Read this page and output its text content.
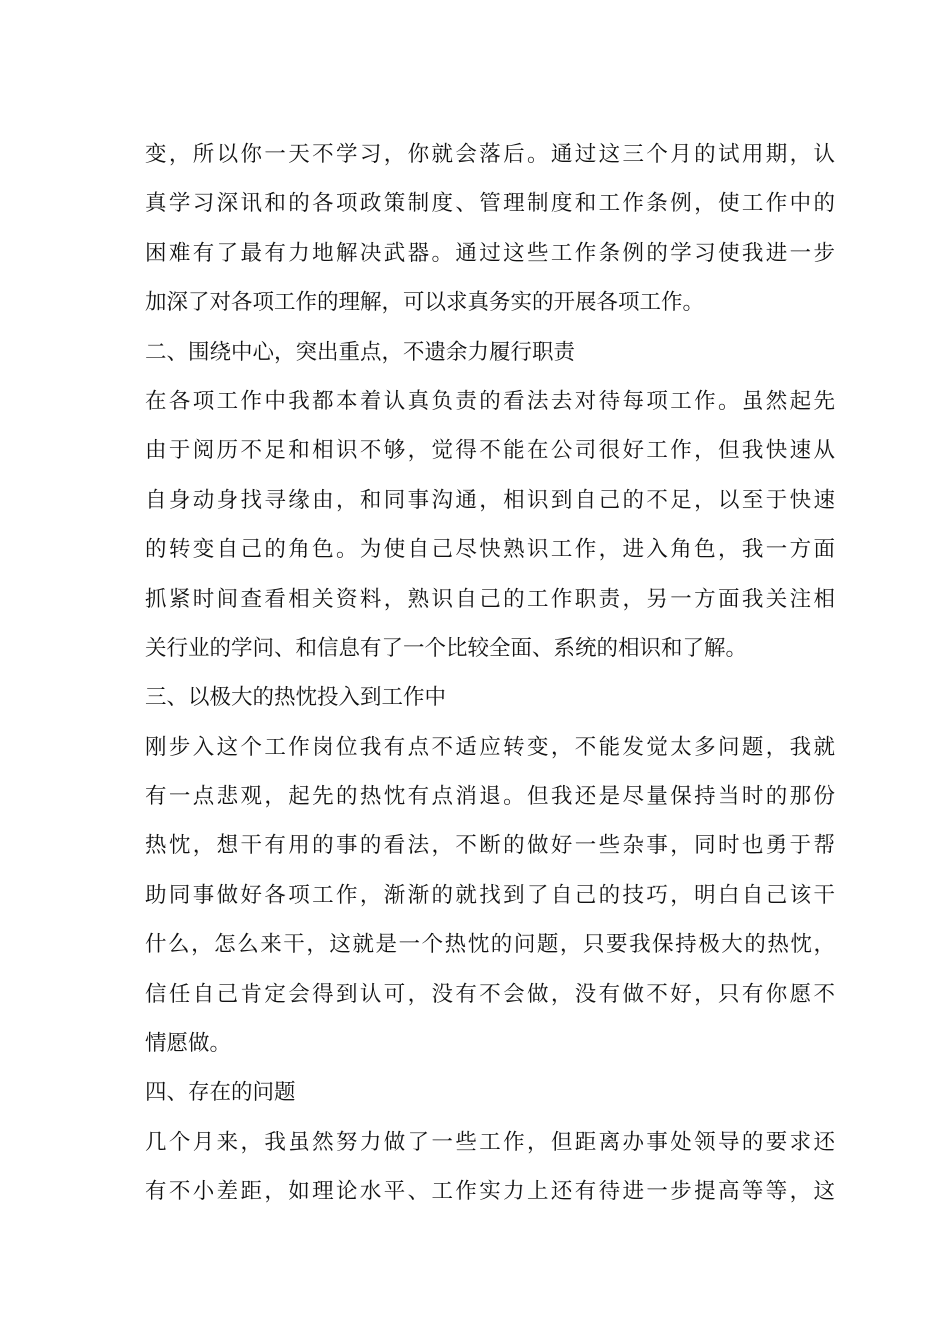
变，所以你一天不学习，你就会落后。通过这三个月的试用期，认
真学习深讯和的各项政策制度、管理制度和工作条例，使工作中的
困难有了最有力地解决武器。通过这些工作条例的学习使我进一步
加深了对各项工作的理解，可以求真务实的开展各项工作。
二、围绕中心，突出重点，不遗余力履行职责
在各项工作中我都本着认真负责的看法去对待每项工作。虽然起先
由于阅历不足和相识不够，觉得不能在公司很好工作，但我快速从
自身动身找寻缘由，和同事沟通，相识到自己的不足，以至于快速
的转变自己的角色。为使自己尽快熟识工作，进入角色，我一方面
抓紧时间查看相关资料，熟识自己的工作职责，另一方面我关注相
关行业的学问、和信息有了一个比较全面、系统的相识和了解。
三、以极大的热忱投入到工作中
刚步入这个工作岗位我有点不适应转变，不能发觉太多问题，我就
有一点悲观，起先的热忱有点消退。但我还是尽量保持当时的那份
热忱，想干有用的事的看法，不断的做好一些杂事，同时也勇于帮
助同事做好各项工作，渐渐的就找到了自己的技巧，明白自己该干
什么，怎么来干，这就是一个热忱的问题，只要我保持极大的热忱，
信任自己肯定会得到认可，没有不会做，没有做不好，只有你愿不
情愿做。
四、存在的问题
几个月来，我虽然努力做了一些工作，但距离办事处领导的要求还
有不小差距，如理论水平、工作实力上还有待进一步提高等等，这
